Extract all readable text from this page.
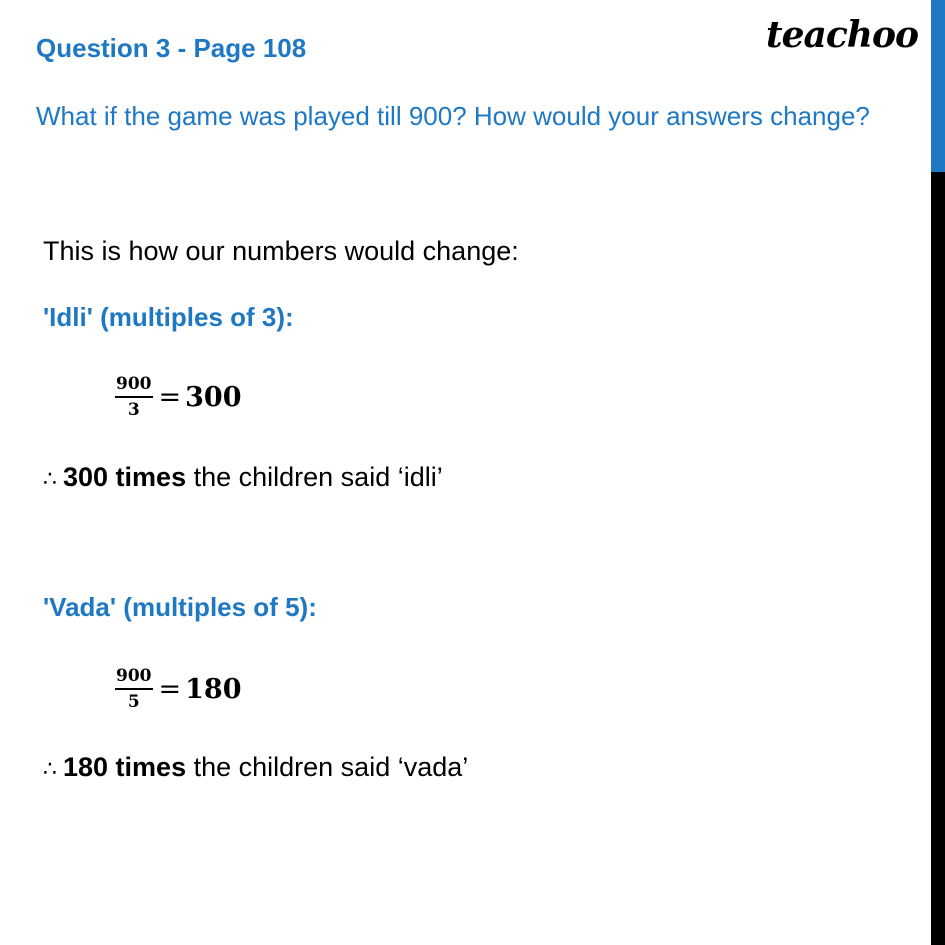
teachoo
Question 3 - Page 108
What if the game was played till 900? How would your answers change?
This is how our numbers would change:
'Idli' (multiples of 3):
$\frac{900}{3} = 300$
∴ 300 times the children said ‘idli’
'Vada' (multiples of 5):
$\frac{900}{5} = 180$
∴ 180 times the children said ‘vada’
